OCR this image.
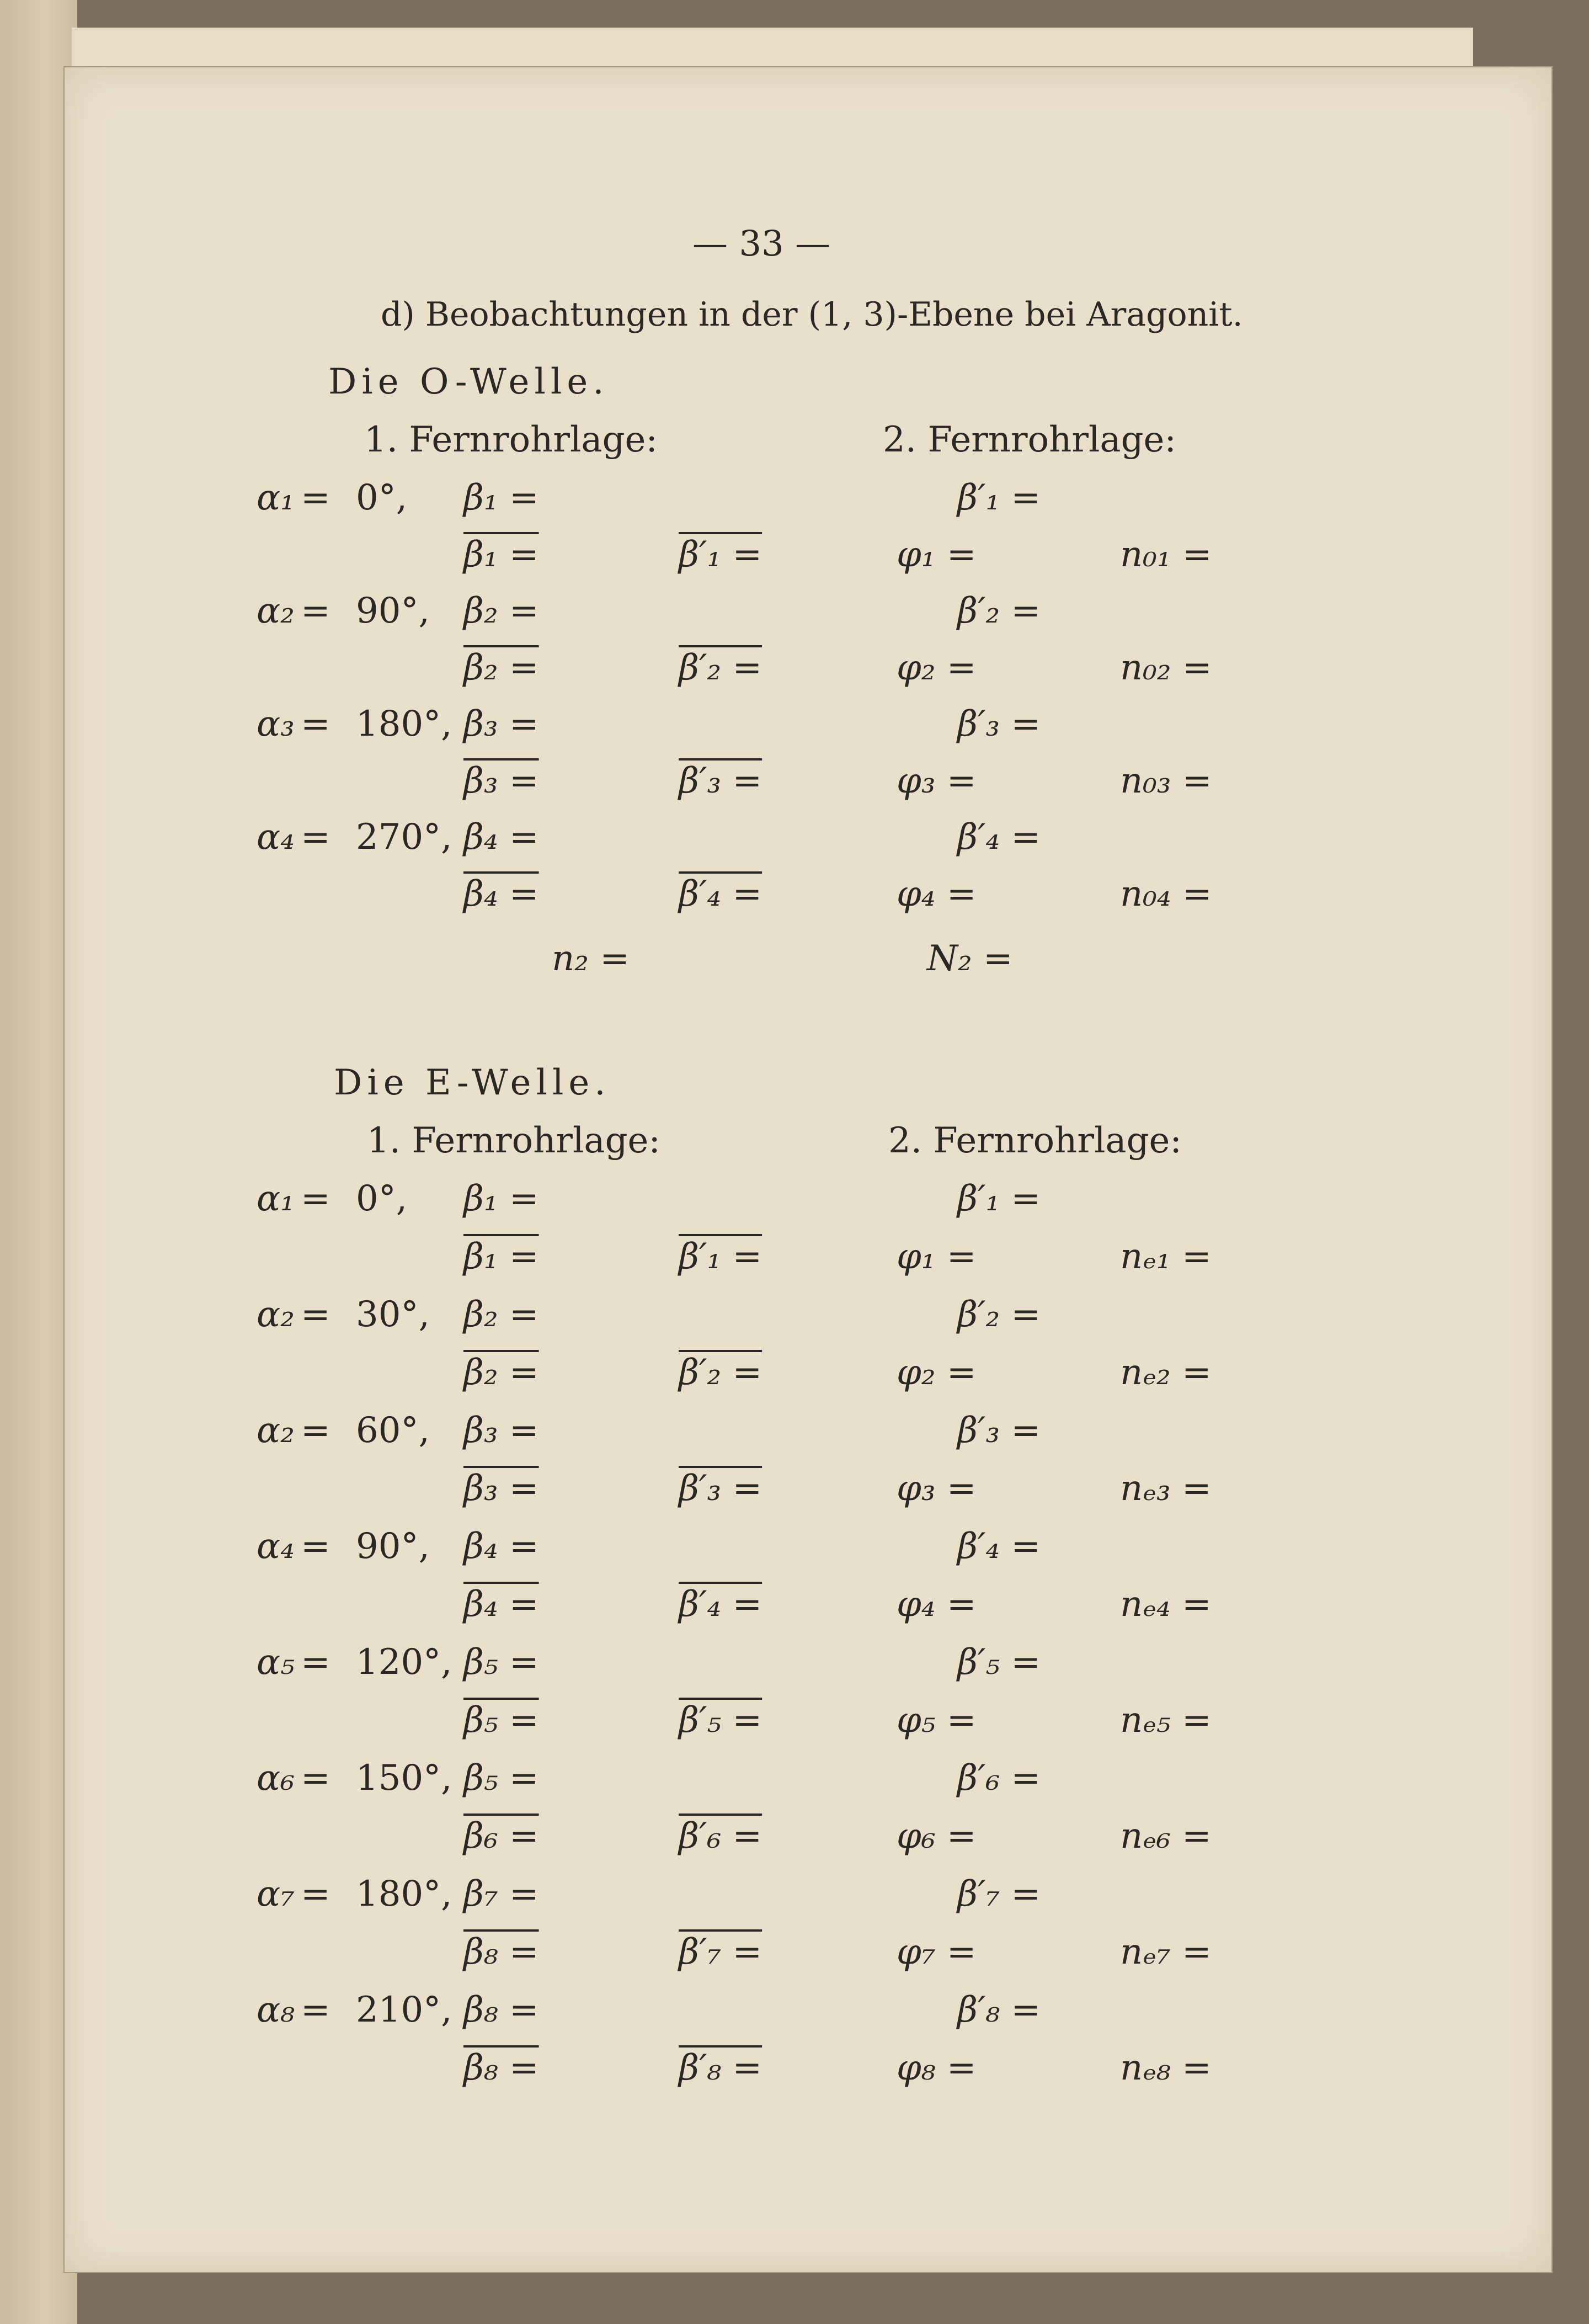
— 33 —
d) Beobachtungen in der (1, 3)-Ebene bei Aragonit.
Die O-Welle.
1. Fernrohrlage:	2. Fernrohrlage:
α₁ = 0°, β₁ =	β′₁ =
β₁ =	β′₁ =	φ₁ =	n₀₁ =
α₂ = 90°, β₂ =	β′₂ =
β₂ =	β′₂ =	φ₂ =	n₀₂ =
α₃ = 180°, β₃ =	β′₃ =
β₃ =	β′₃ =	φ₃ =	n₀₃ =
α₄ = 270°, β₄ =	β′₄ =
β₄ =	β′₄ =	φ₄ =	n₀₄ =
n₂ =	N₂ =
Die E-Welle.
1. Fernrohrlage:	2. Fernrohrlage:
α₁ = 0°, β₁ =	β′₁ =
β₁ =	β′₁ =	φ₁ =	nₑ₁ =
α₂ = 30°, β₂ =	β′₂ =
β₂ =	β′₂ =	φ₂ =	nₑ₂ =
α₂ = 60°, β₃ =	β′₃ =
β₃ =	β′₃ =	φ₃ =	nₑ₃ =
α₄ = 90°, β₄ =	β′₄ =
β₄ =	β′₄ =	φ₄ =	nₑ₄ =
α₅ = 120°, β₅ =	β′₅ =
β₅ =	β′₅ =	φ₅ =	nₑ₅ =
α₆ = 150°, β₅ =	β′₆ =
β₆ =	β′₆ =	φ₆ =	nₑ₆ =
α₇ = 180°, β₇ =	β′₇ =
β₈ =	β′₇ =	φ₇ =	nₑ₇ =
α₈ = 210°, β₈ =	β′₈ =
β₈ =	β′₈ =	φ₈ =	nₑ₈ =
